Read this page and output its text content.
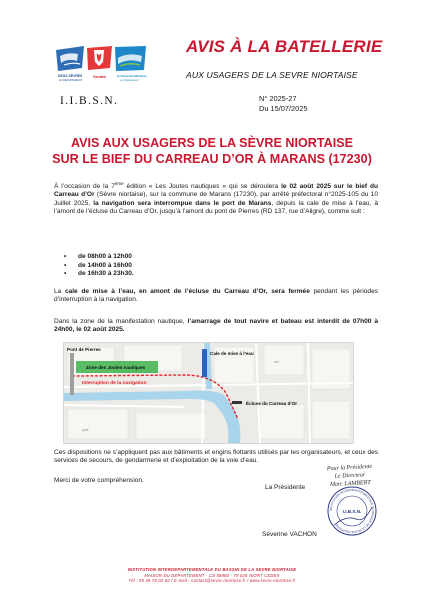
DEUX-SÈVRES
LE DÉPARTEMENT
Vendée	la Charente-Maritime
Le Département
I.I.B.S.N.
AVIS À LA BATELLERIE
AUX USAGERS DE LA SEVRE NIORTAISE
N° 2025-27
Du 15/07/2025
AVIS AUX USAGERS DE LA SÈVRE NIORTAISE
SUR LE BIEF DU CARREAU D’OR À MARANS (17230)
À l’occasion de la 7ème édition « Les Joutes nautiques » qui se déroulera le 02 août 2025 sur le bief du Carreau d’Or (Sèvre niortaise), sur la commune de Marans (17230), par arrêté préfectoral n°2025-105 du 10 Juillet 2025, la navigation sera interrompue dans le port de Marans, depuis la cale de mise à l’eau, à l’amont de l’écluse du Carreau d’Or, jusqu’à l’amont du pont de Pierres (RD 137, rue d’Aligre), comme suit :
• de 08h00 à 12h00
• de 14h00 à 16h00
• de 16h30 à 23h30.
La cale de mise à l’eau, en amont de l’écluse du Carreau d’Or, sera fermée pendant les périodes d’interruption à la navigation.
Dans la zone de la manifestation nautique, l’amarrage de tout navire et bateau est interdit de 07h00 à 24h00, le 02 août 2025.
rue
quai
Zone des Joutes nautiques
Interruption de la navigation
Pont de Pierres
Cale de mise à l’eau
Écluse du Carreau d’Or
Ces dispositions ne s’appliquent pas aux bâtiments et engins flottants utilisés par les organisateurs, et ceux des services de secours, de gendarmerie et d’exploitation de la voie d’eau.
Merci de votre compréhension.
La Présidente
Séverine VACHON
Pour la Présidente
Le Directeur
Marc LAMBERT
INSTITUTION INTERDÉPARTEMENTALE DU BASSIN DE LA SÈVRE NIORTAISE
I.I.B.S.N.
INSTITUTION INTERDEPARTEMENTALE DU BASSIN DE LA SEVRE NIORTAISE
MAISON DU DEPARTEMENT · CS 58880 · 79 028 NIORT CEDEX
Tél : 05 49 78 02 60 / E-mail : contact@sevre-niortaise.fr / www.sevre-niortaise.fr
